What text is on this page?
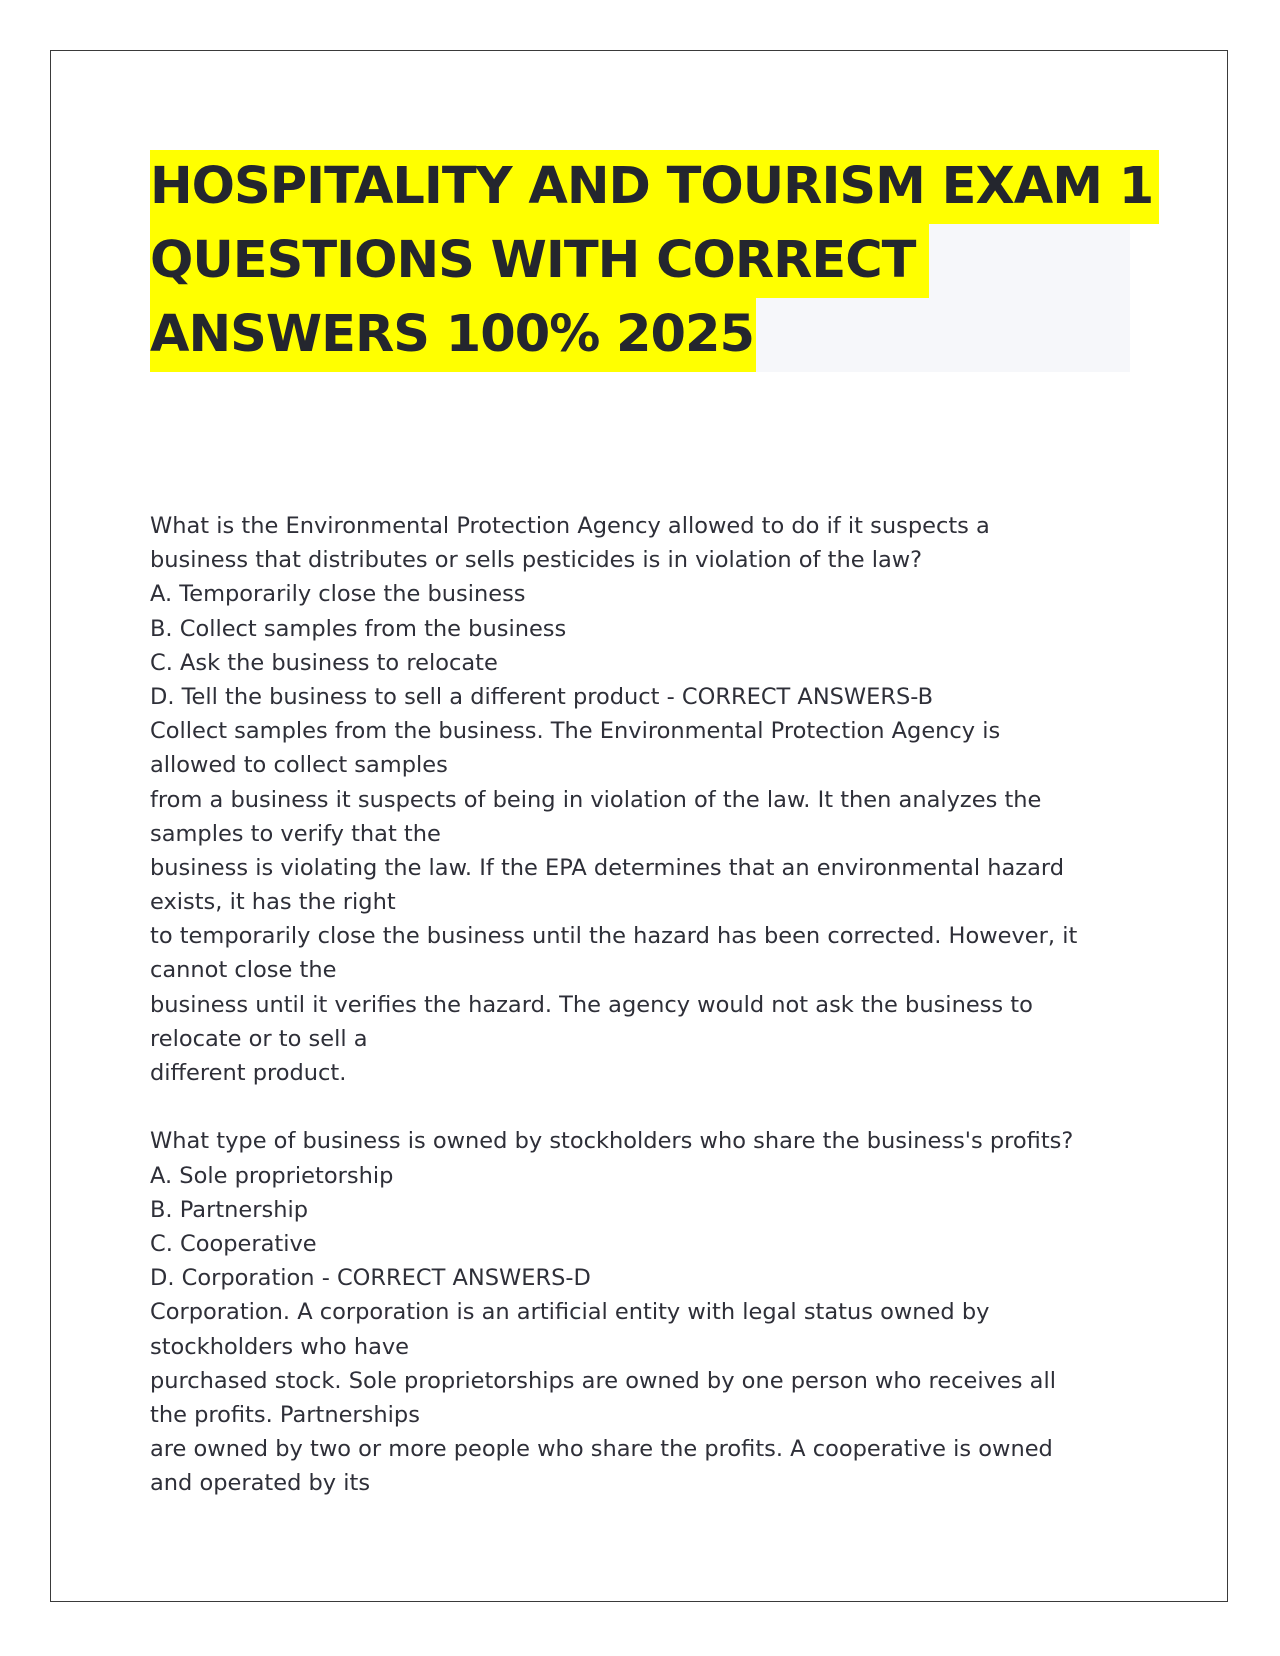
HOSPITALITY AND TOURISM EXAM 1
QUESTIONS WITH CORRECT
ANSWERS 100% 2025
What is the Environmental Protection Agency allowed to do if it suspects a
business that distributes or sells pesticides is in violation of the law?
A. Temporarily close the business
B. Collect samples from the business
C. Ask the business to relocate
D. Tell the business to sell a different product - CORRECT ANSWERS-B
Collect samples from the business. The Environmental Protection Agency is
allowed to collect samples
from a business it suspects of being in violation of the law. It then analyzes the
samples to verify that the
business is violating the law. If the EPA determines that an environmental hazard
exists, it has the right
to temporarily close the business until the hazard has been corrected. However, it
cannot close the
business until it verifies the hazard. The agency would not ask the business to
relocate or to sell a
different product.
What type of business is owned by stockholders who share the business's profits?
A. Sole proprietorship
B. Partnership
C. Cooperative
D. Corporation - CORRECT ANSWERS-D
Corporation. A corporation is an artificial entity with legal status owned by
stockholders who have
purchased stock. Sole proprietorships are owned by one person who receives all
the profits. Partnerships
are owned by two or more people who share the profits. A cooperative is owned
and operated by its
